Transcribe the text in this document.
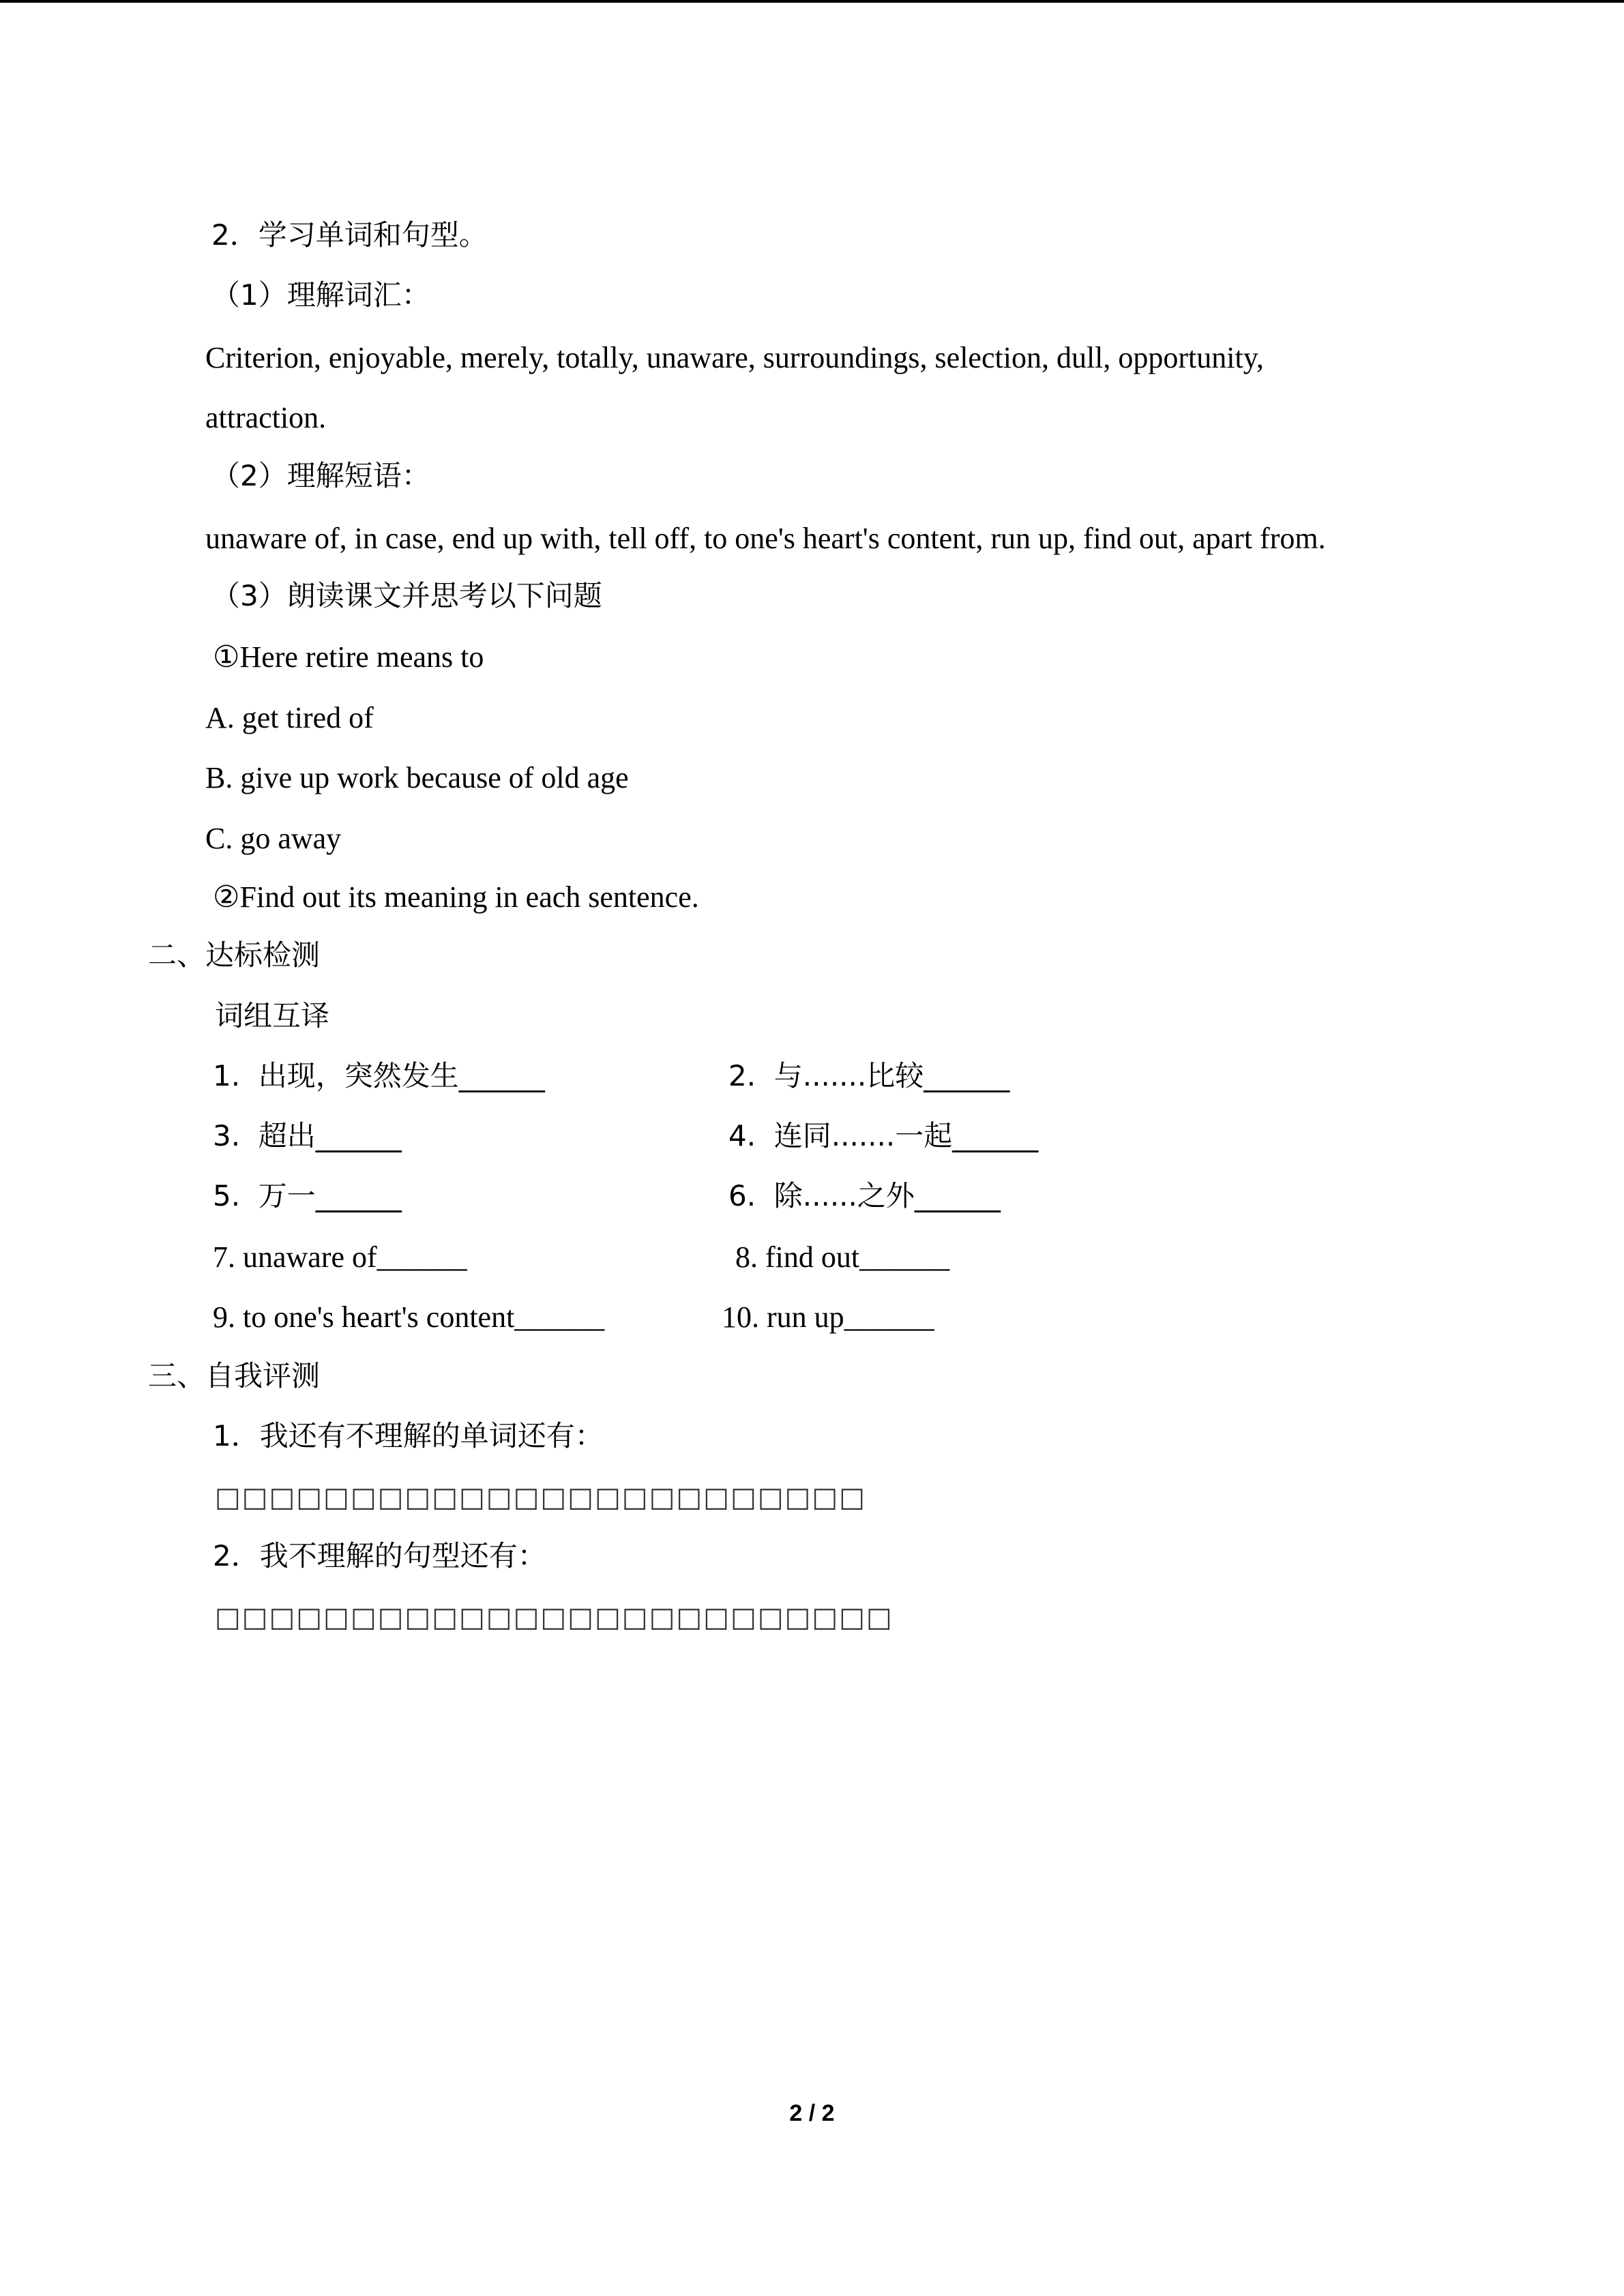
2．学习单词和句型。
（1）理解词汇：
Criterion, enjoyable, merely, totally, unaware, surroundings, selection, dull, opportunity,
attraction.
（2）理解短语：
unaware of, in case, end up with, tell off, to one's heart's content, run up, find out, apart from.
（3）朗读课文并思考以下问题
①Here retire means to
A. get tired of
B. give up work because of old age
C. go away
②Find out its meaning in each sentence.
二、达标检测
词组互译
1.  出现，突然发生______	2.  与.......比较______
3.  超出______	4.  连同.......一起______
5.  万一______	6.  除......之外______
7. unaware of______	8. find out______
9. to one's heart's content______	10. run up______
三、自我评测
1．我还有不理解的单词还有：
□□□□□□□□□□□□□□□□□□□□□□□□
2．我不理解的句型还有：
□□□□□□□□□□□□□□□□□□□□□□□□□
2 / 2
